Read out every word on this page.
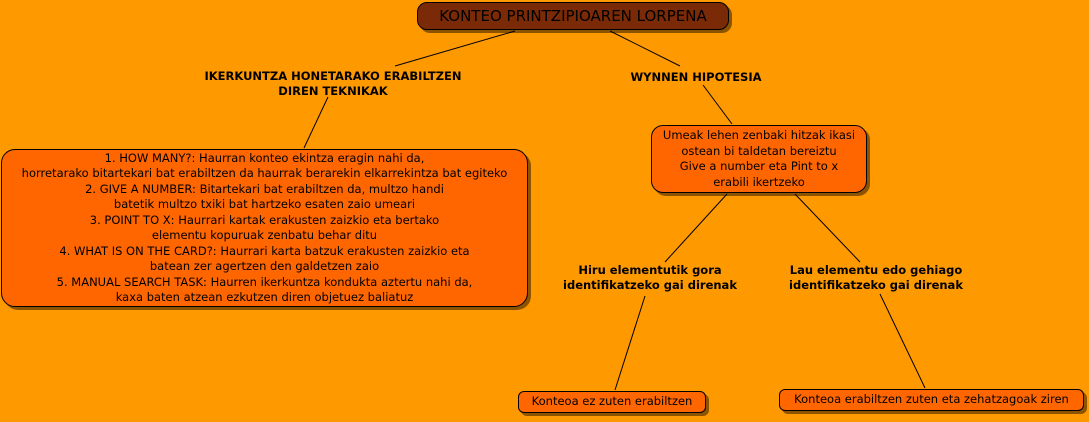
KONTEO PRINTZIPIOAREN LORPENA
IKERKUNTZA HONETARAKO ERABILTZEN
DIREN TEKNIKAK
WYNNEN HIPOTESIA
1. HOW MANY?: Haurran konteo ekintza eragin nahi da,
horretarako bitartekari bat erabiltzen da haurrak berarekin elkarrekintza bat egiteko
2. GIVE A NUMBER: Bitartekari bat erabiltzen da, multzo handi
batetik multzo txiki bat hartzeko esaten zaio umeari
3. POINT TO X: Haurrari kartak erakusten zaizkio eta bertako
elementu kopuruak zenbatu behar ditu
4. WHAT IS ON THE CARD?: Haurrari karta batzuk erakusten zaizkio eta
batean zer agertzen den galdetzen zaio
5. MANUAL SEARCH TASK: Haurren ikerkuntza kondukta aztertu nahi da,
kaxa baten atzean ezkutzen diren objetuez baliatuz
Umeak lehen zenbaki hitzak ikasi
ostean bi taldetan bereiztu
Give a number eta Pint to x
erabili ikertzeko
Hiru elementutik gora
identifikatzeko gai direnak
Lau elementu edo gehiago
identifikatzeko gai direnak
Konteoa ez zuten erabiltzen	Konteoa erabiltzen zuten eta zehatzagoak ziren
